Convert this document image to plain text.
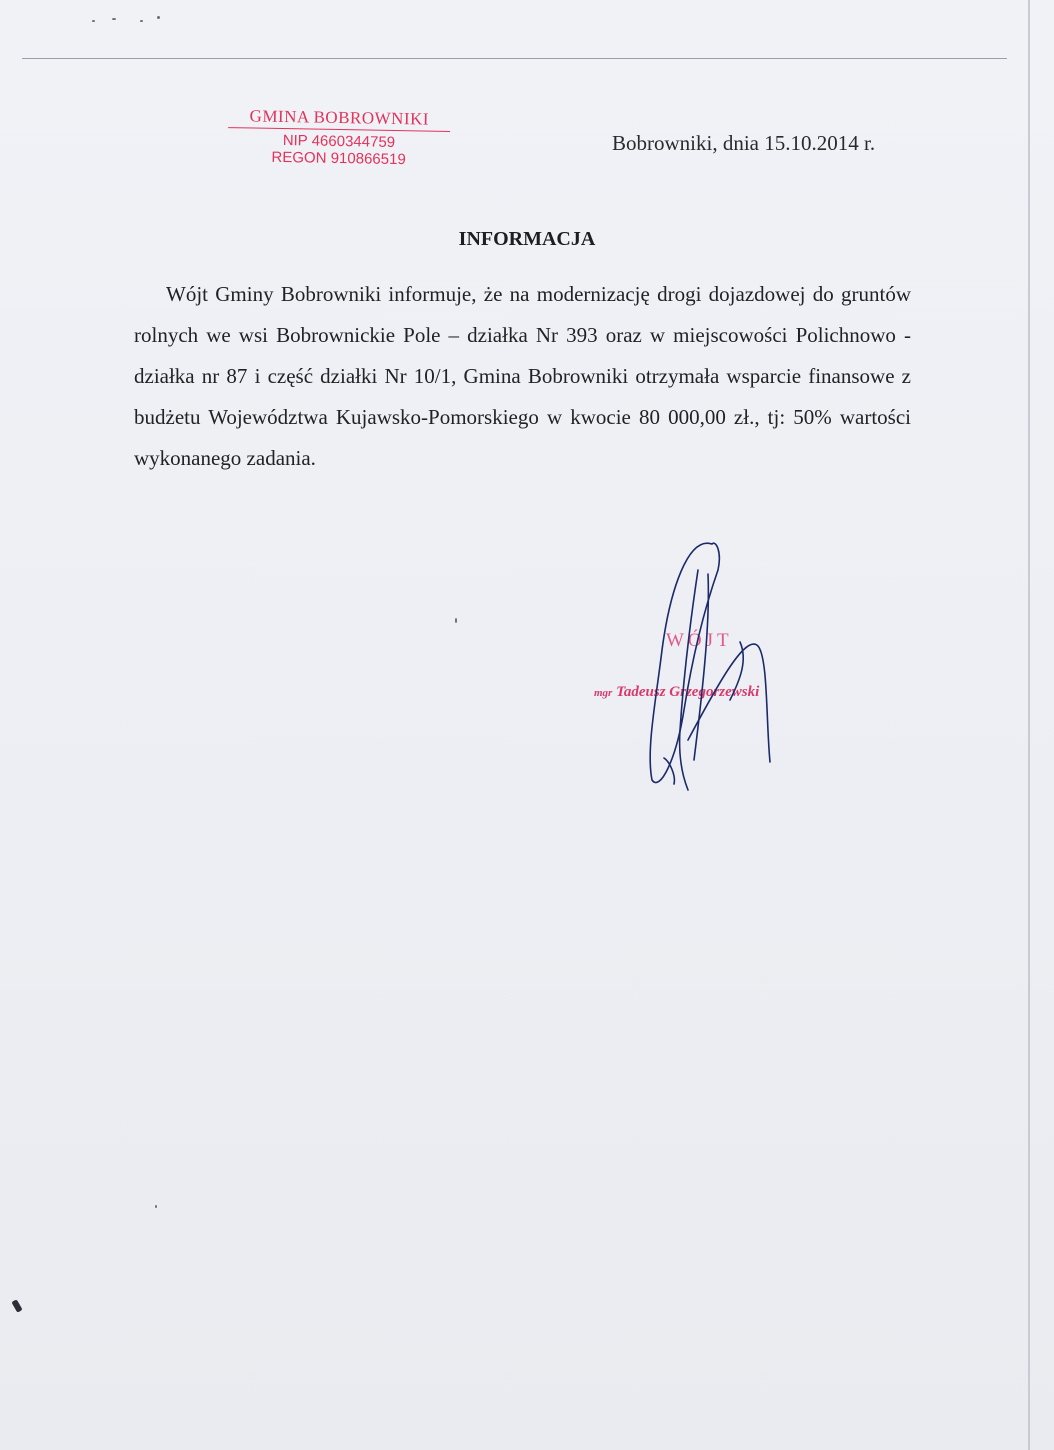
GMINA BOBROWNIKI
NIP 4660344759
REGON 910866519
Bobrowniki, dnia 15.10.2014 r.
INFORMACJA
Wójt Gminy Bobrowniki informuje, że na modernizację drogi dojazdowej do gruntów rolnych we wsi Bobrownickie Pole – działka Nr 393 oraz w miejscowości Polichnowo - działka nr 87 i część działki Nr 10/1, Gmina Bobrowniki otrzymała wsparcie finansowe z budżetu Województwa Kujawsko-Pomorskiego w kwocie 80 000,00 zł., tj: 50% wartości wykonanego zadania.
WÓJT
mgr Tadeusz Grzegorzewski
